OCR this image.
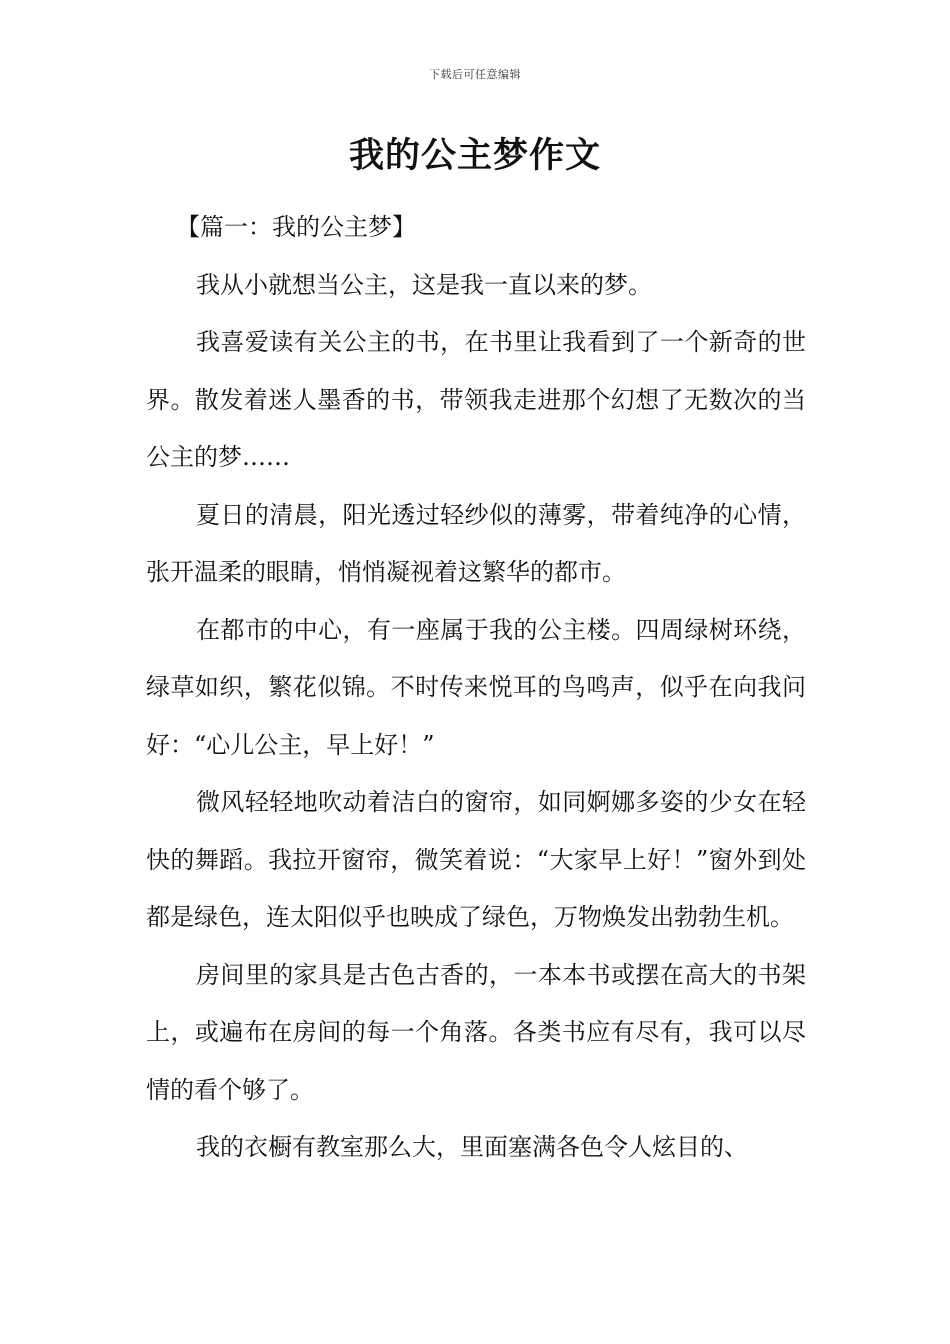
下载后可任意编辑
我的公主梦作文

【篇一：我的公主梦】

我从小就想当公主，这是我一直以来的梦。

我喜爱读有关公主的书，在书里让我看到了一个新奇的世界。散发着迷人墨香的书，带领我走进那个幻想了无数次的当公主的梦……

夏日的清晨，阳光透过轻纱似的薄雾，带着纯净的心情，张开温柔的眼睛，悄悄凝视着这繁华的都市。

在都市的中心，有一座属于我的公主楼。四周绿树环绕，绿草如织，繁花似锦。不时传来悦耳的鸟鸣声，似乎在向我问好：“心儿公主，早上好！”

微风轻轻地吹动着洁白的窗帘，如同婀娜多姿的少女在轻快的舞蹈。我拉开窗帘，微笑着说：“大家早上好！”窗外到处都是绿色，连太阳似乎也映成了绿色，万物焕发出勃勃生机。

房间里的家具是古色古香的，一本本书或摆在高大的书架上，或遍布在房间的每一个角落。各类书应有尽有，我可以尽情的看个够了。

我的衣橱有教室那么大，里面塞满各色令人炫目的、
